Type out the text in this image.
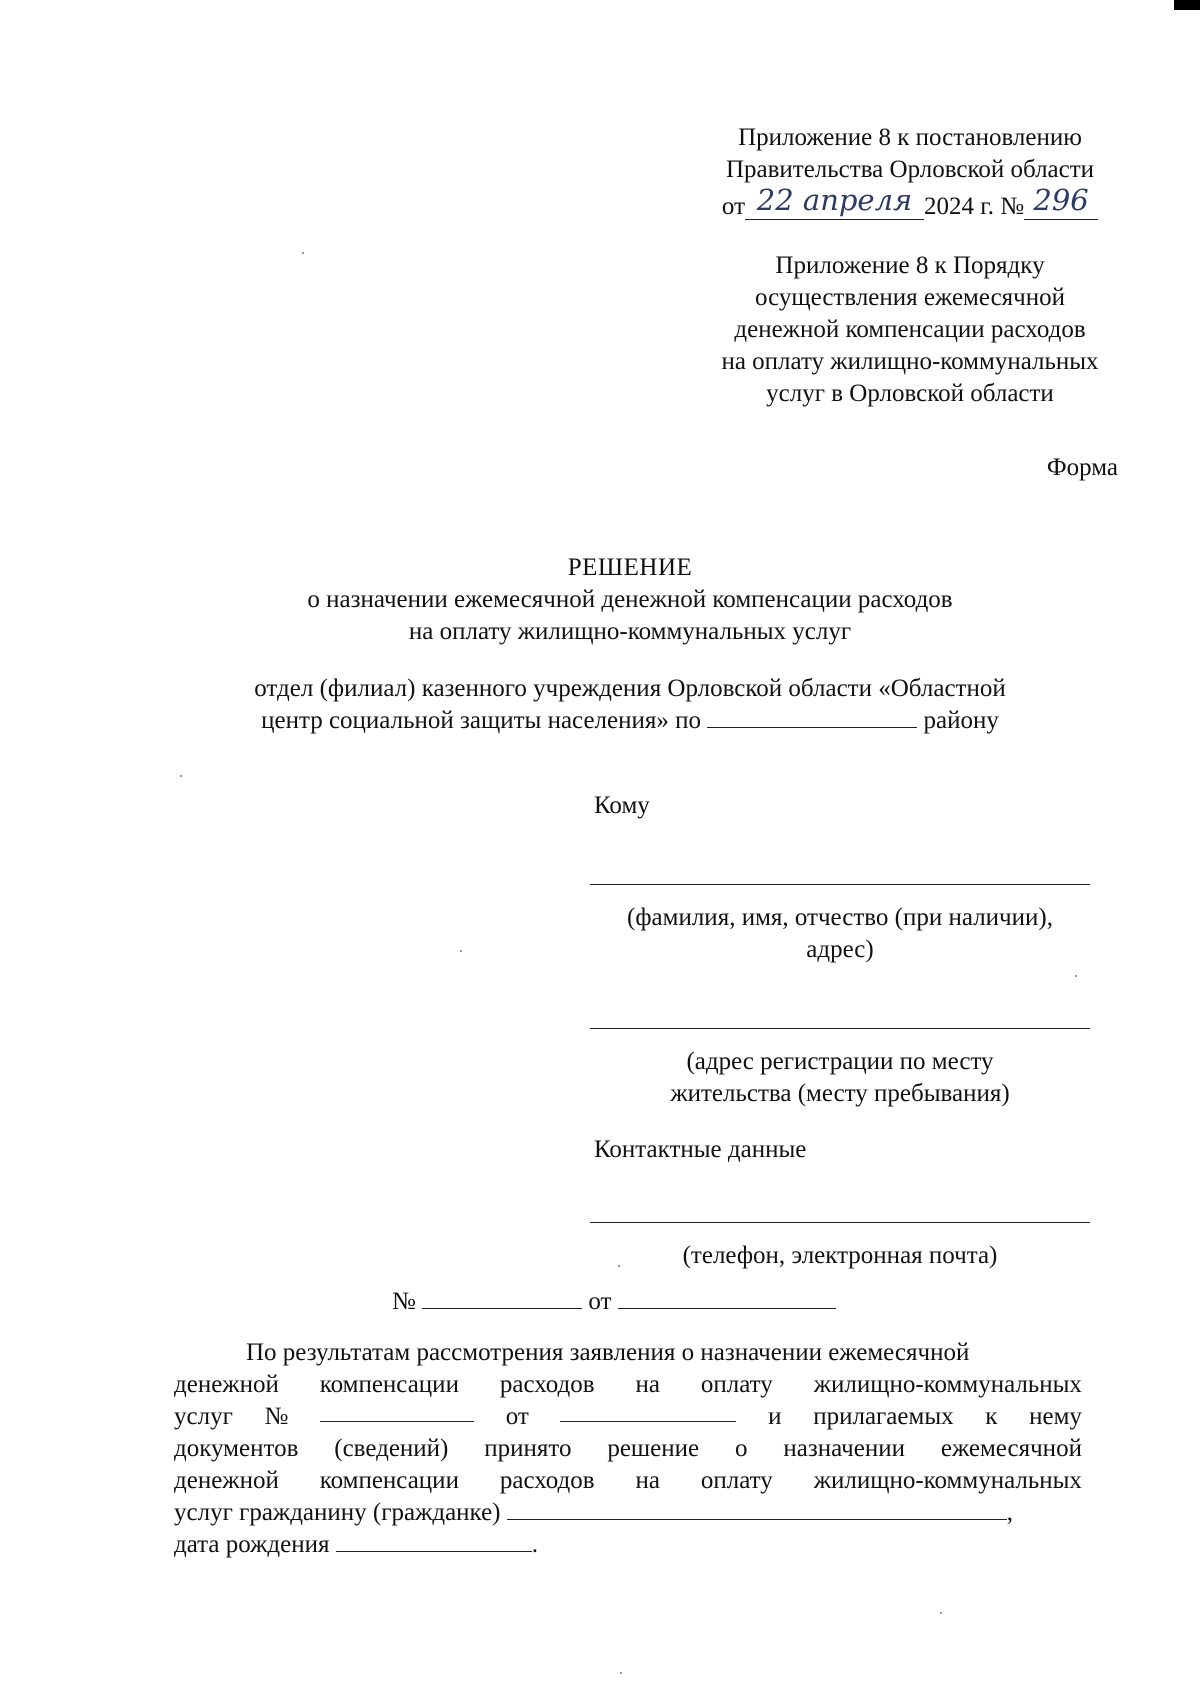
Приложение 8 к постановлению
Правительства Орловской области
от 22 апреля 2024 г. № 296
Приложение 8 к Порядку
осуществления ежемесячной
денежной компенсации расходов
на оплату жилищно-коммунальных
услуг в Орловской области
Форма
РЕШЕНИЕ
о назначении ежемесячной денежной компенсации расходов
на оплату жилищно-коммунальных услуг
отдел (филиал) казенного учреждения Орловской области «Областной
центр социальной защиты населения» по	району
Кому
(фамилия, имя, отчество (при наличии),
адрес)
(адрес регистрации по месту
жительства (месту пребывания)
Контактные данные
(телефон, электронная почта)
№	от
По результатам рассмотрения заявления о назначении ежемесячной
денежной компенсации расходов на оплату жилищно-коммунальных
услуг №	от	и прилагаемых к нему
документов (сведений) принято решение о назначении ежемесячной
денежной компенсации расходов на оплату жилищно-коммунальных
услуг гражданину (гражданке)	,
дата рождения	.
